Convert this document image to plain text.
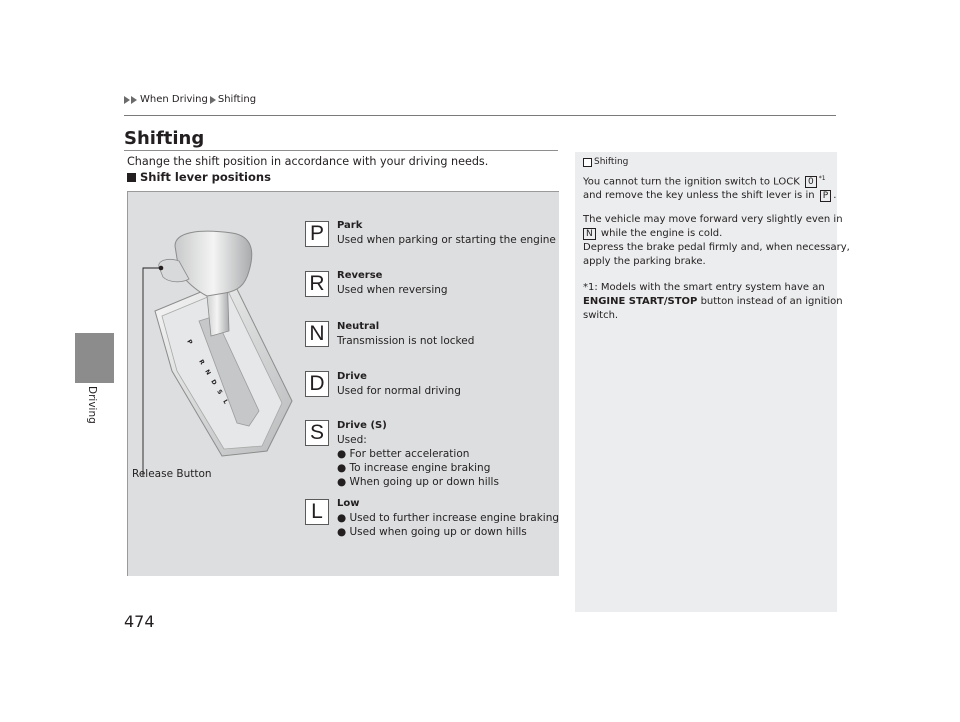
When Driving Shifting
Driving
Shifting
Change the shift position in accordance with your driving needs.
Shift lever positions
P
R
N
D
S
L
Release Button
P	Park
Used when parking or starting the engine
R	Reverse
Used when reversing
N	Neutral
Transmission is not locked
D	Drive
Used for normal driving
S	Drive (S)
Used:
● For better acceleration
● To increase engine braking
● When going up or down hills
L	Low
● Used to further increase engine braking
● Used when going up or down hills
Shifting
You cannot turn the ignition switch to LOCK 0 $^{*1}$
and remove the key unless the shift lever is in P .
The vehicle may move forward very slightly even in
N while the engine is cold.
Depress the brake pedal firmly and, when necessary,
apply the parking brake.
*1: Models with the smart entry system have an
ENGINE START/STOP button instead of an ignition
switch.
474
